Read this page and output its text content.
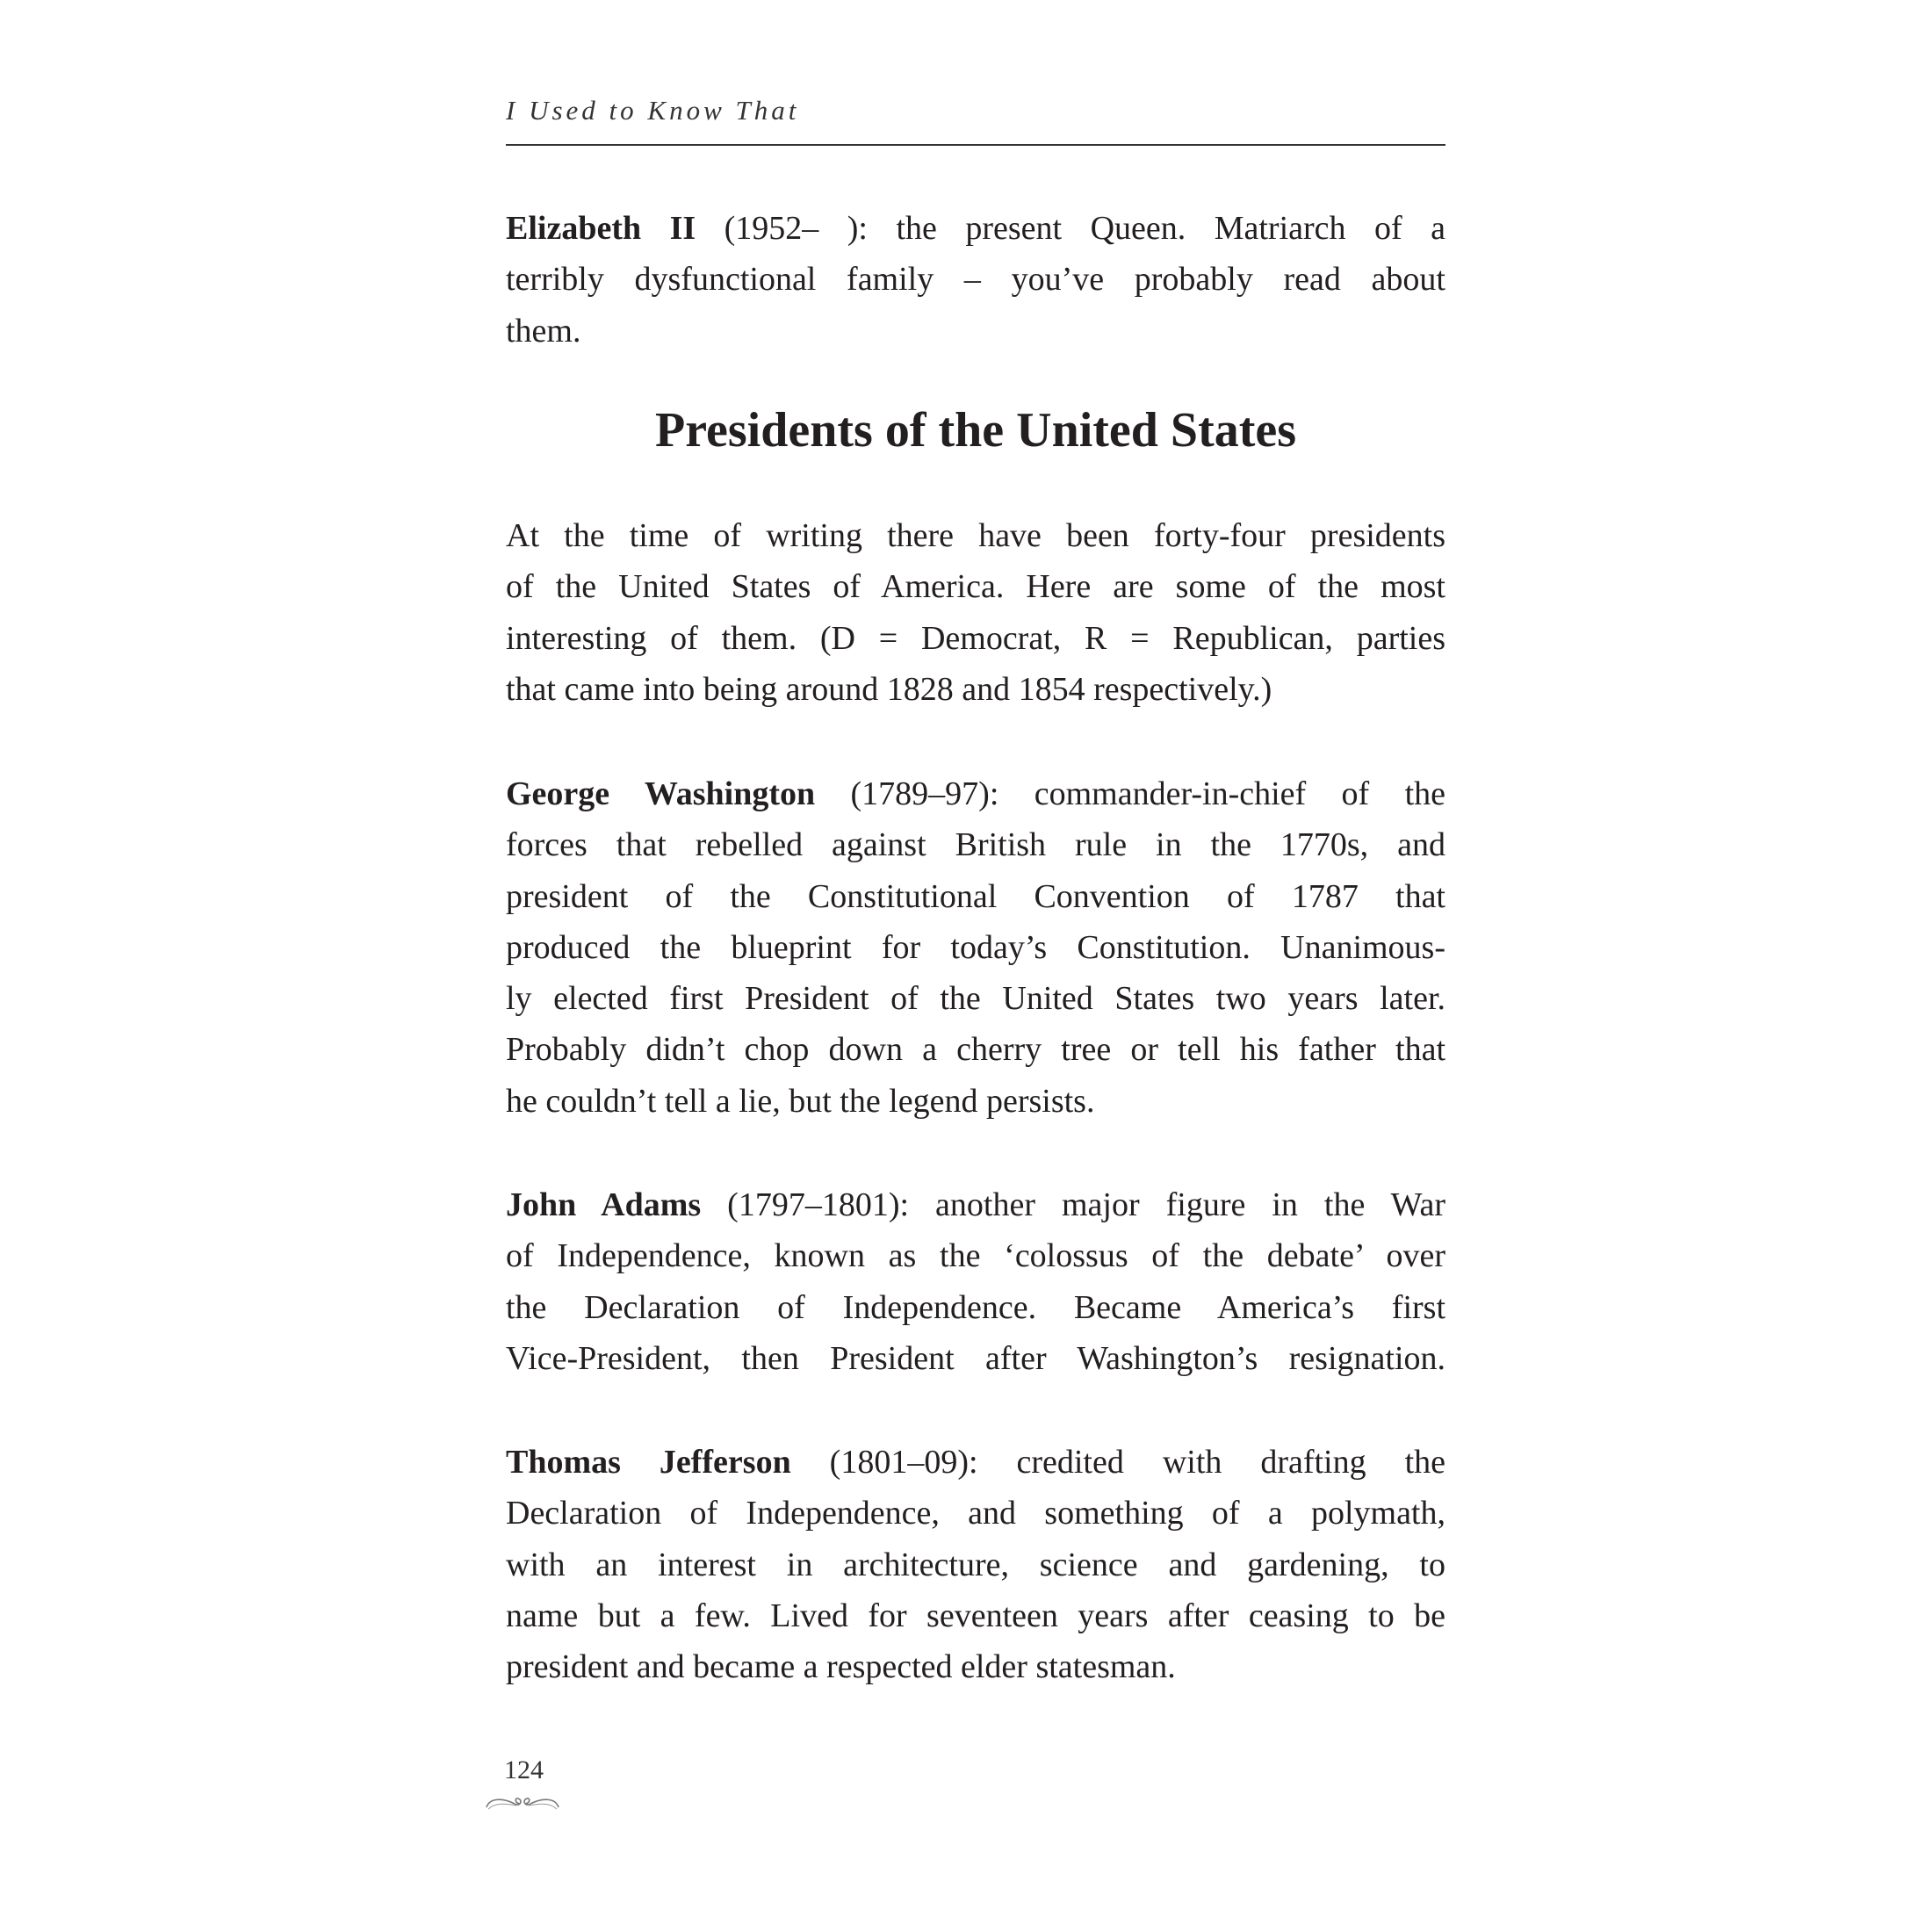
I Used to Know That
Elizabeth II (1952– ): the present Queen. Matriarch of a
terribly dysfunctional family – you’ve probably read about
them.
Presidents of the United States
At the time of writing there have been forty-four presidents
of the United States of America. Here are some of the most
interesting of them. (D = Democrat, R = Republican, parties
that came into being around 1828 and 1854 respectively.)
George Washington (1789–97): commander-in-chief of the
forces that rebelled against British rule in the 1770s, and
president of the Constitutional Convention of 1787 that
produced the blueprint for today’s Constitution. Unanimous-
ly elected first President of the United States two years later.
Probably didn’t chop down a cherry tree or tell his father that
he couldn’t tell a lie, but the legend persists.
John Adams (1797–1801): another major figure in the War
of Independence, known as the ‘colossus of the debate’ over
the Declaration of Independence. Became America’s first
Vice-President, then President after Washington’s resignation.
Thomas Jefferson (1801–09): credited with drafting the
Declaration of Independence, and something of a polymath,
with an interest in architecture, science and gardening, to
name but a few. Lived for seventeen years after ceasing to be
president and became a respected elder statesman.
124
